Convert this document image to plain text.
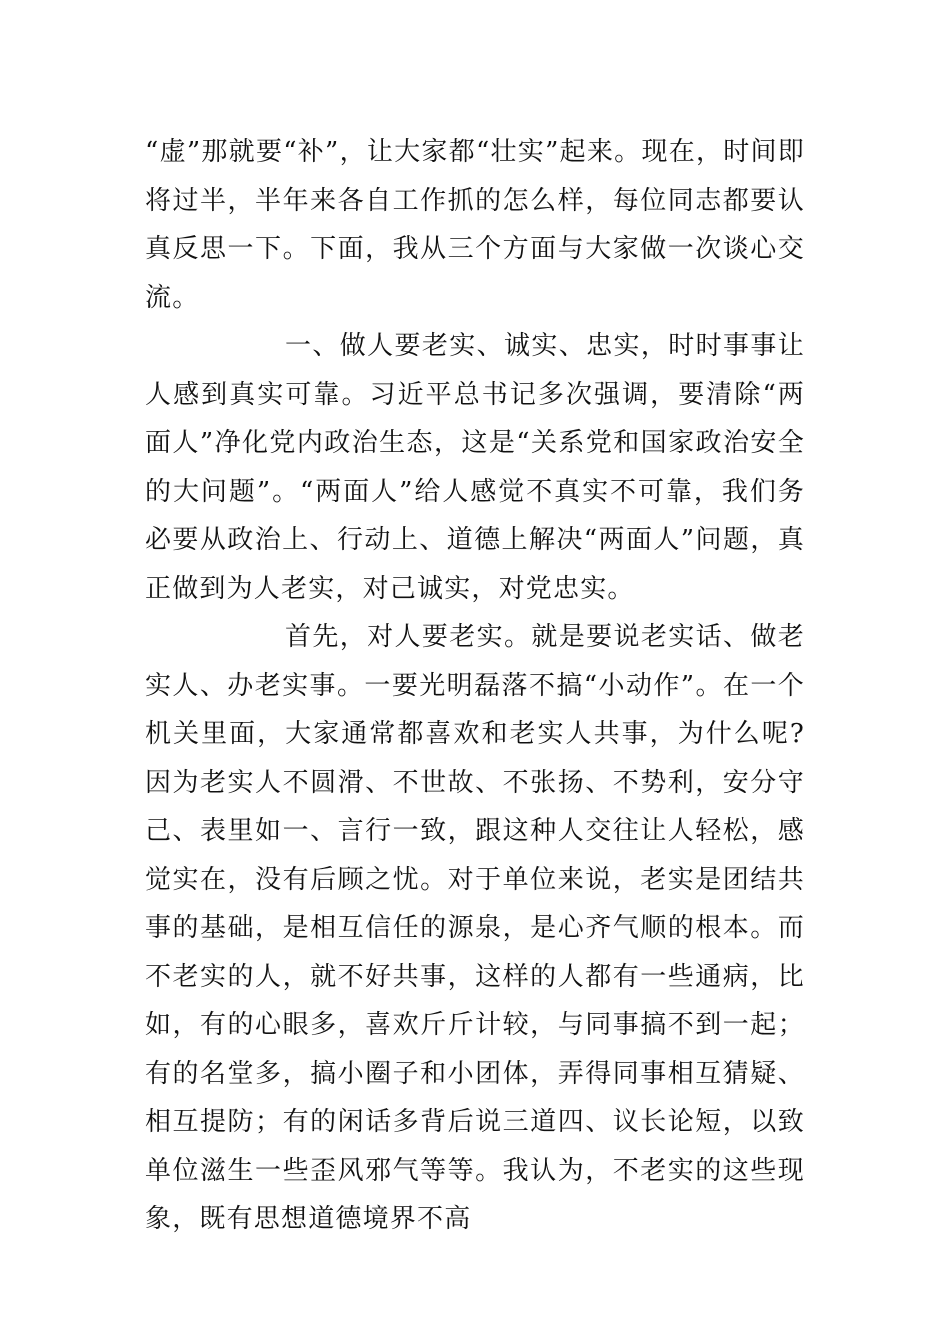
“虚”那就要“补”，让大家都“壮实”起来。现在，时间即将过半，半年来各自工作抓的怎么样，每位同志都要认真反思一下。下面，我从三个方面与大家做一次谈心交流。

一、做人要老实、诚实、忠实，时时事事让人感到真实可靠。习近平总书记多次强调，要清除“两面人”净化党内政治生态，这是“关系党和国家政治安全的大问题”。“两面人”给人感觉不真实不可靠，我们务必要从政治上、行动上、道德上解决“两面人”问题，真正做到为人老实，对己诚实，对党忠实。

首先，对人要老实。就是要说老实话、做老实人、办老实事。一要光明磊落不搞“小动作”。在一个机关里面，大家通常都喜欢和老实人共事，为什么呢?因为老实人不圆滑、不世故、不张扬、不势利，安分守己、表里如一、言行一致，跟这种人交往让人轻松，感觉实在，没有后顾之忧。对于单位来说，老实是团结共事的基础，是相互信任的源泉，是心齐气顺的根本。而不老实的人，就不好共事，这样的人都有一些通病，比如，有的心眼多，喜欢斤斤计较，与同事搞不到一起；有的名堂多，搞小圈子和小团体，弄得同事相互猜疑、相互提防；有的闲话多背后说三道四、议长论短，以致单位滋生一些歪风邪气等等。我认为，不老实的这些现象，既有思想道德境界不高
